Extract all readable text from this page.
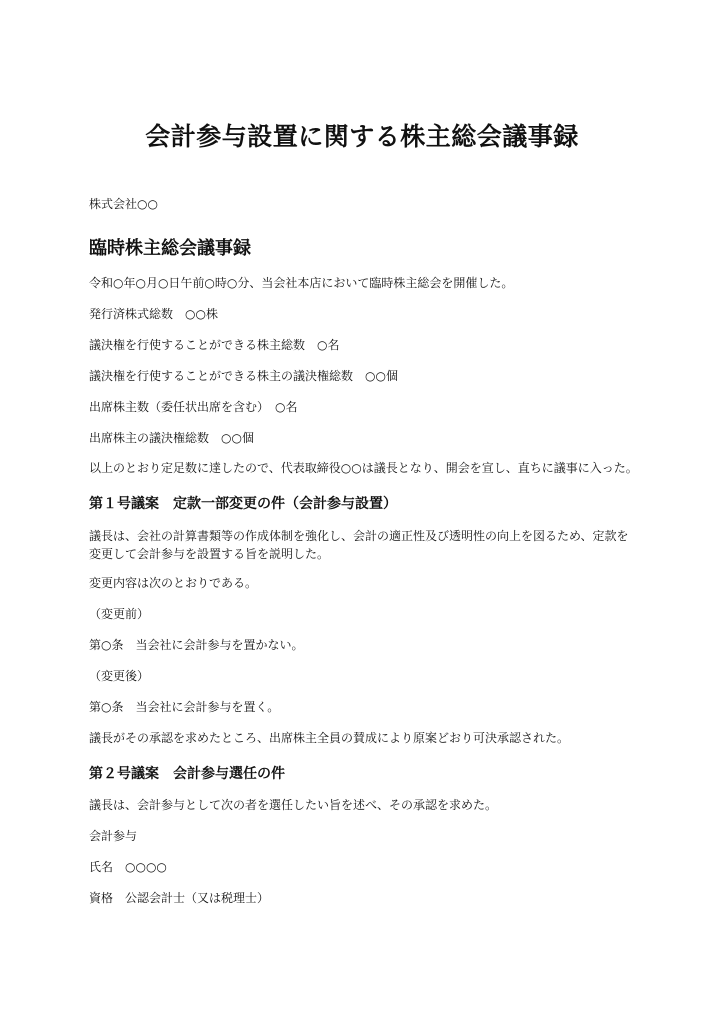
会計参与設置に関する株主総会議事録

株式会社○○

臨時株主総会議事録

令和○年○月○日午前○時○分、当会社本店において臨時株主総会を開催した。

発行済株式総数　○○株

議決権を行使することができる株主総数　○名

議決権を行使することができる株主の議決権総数　○○個

出席株主数（委任状出席を含む）　○名

出席株主の議決権総数　○○個

以上のとおり定足数に達したので、代表取締役○○は議長となり、開会を宣し、直ちに議事に入った。

第１号議案　定款一部変更の件（会計参与設置）

議長は、会社の計算書類等の作成体制を強化し、会計の適正性及び透明性の向上を図るため、定款を
変更して会計参与を設置する旨を説明した。

変更内容は次のとおりである。

（変更前）

第○条　当会社に会計参与を置かない。

（変更後）

第○条　当会社に会計参与を置く。

議長がその承認を求めたところ、出席株主全員の賛成により原案どおり可決承認された。

第２号議案　会計参与選任の件

議長は、会計参与として次の者を選任したい旨を述べ、その承認を求めた。

会計参与

氏名　○○○○

資格　公認会計士（又は税理士）
